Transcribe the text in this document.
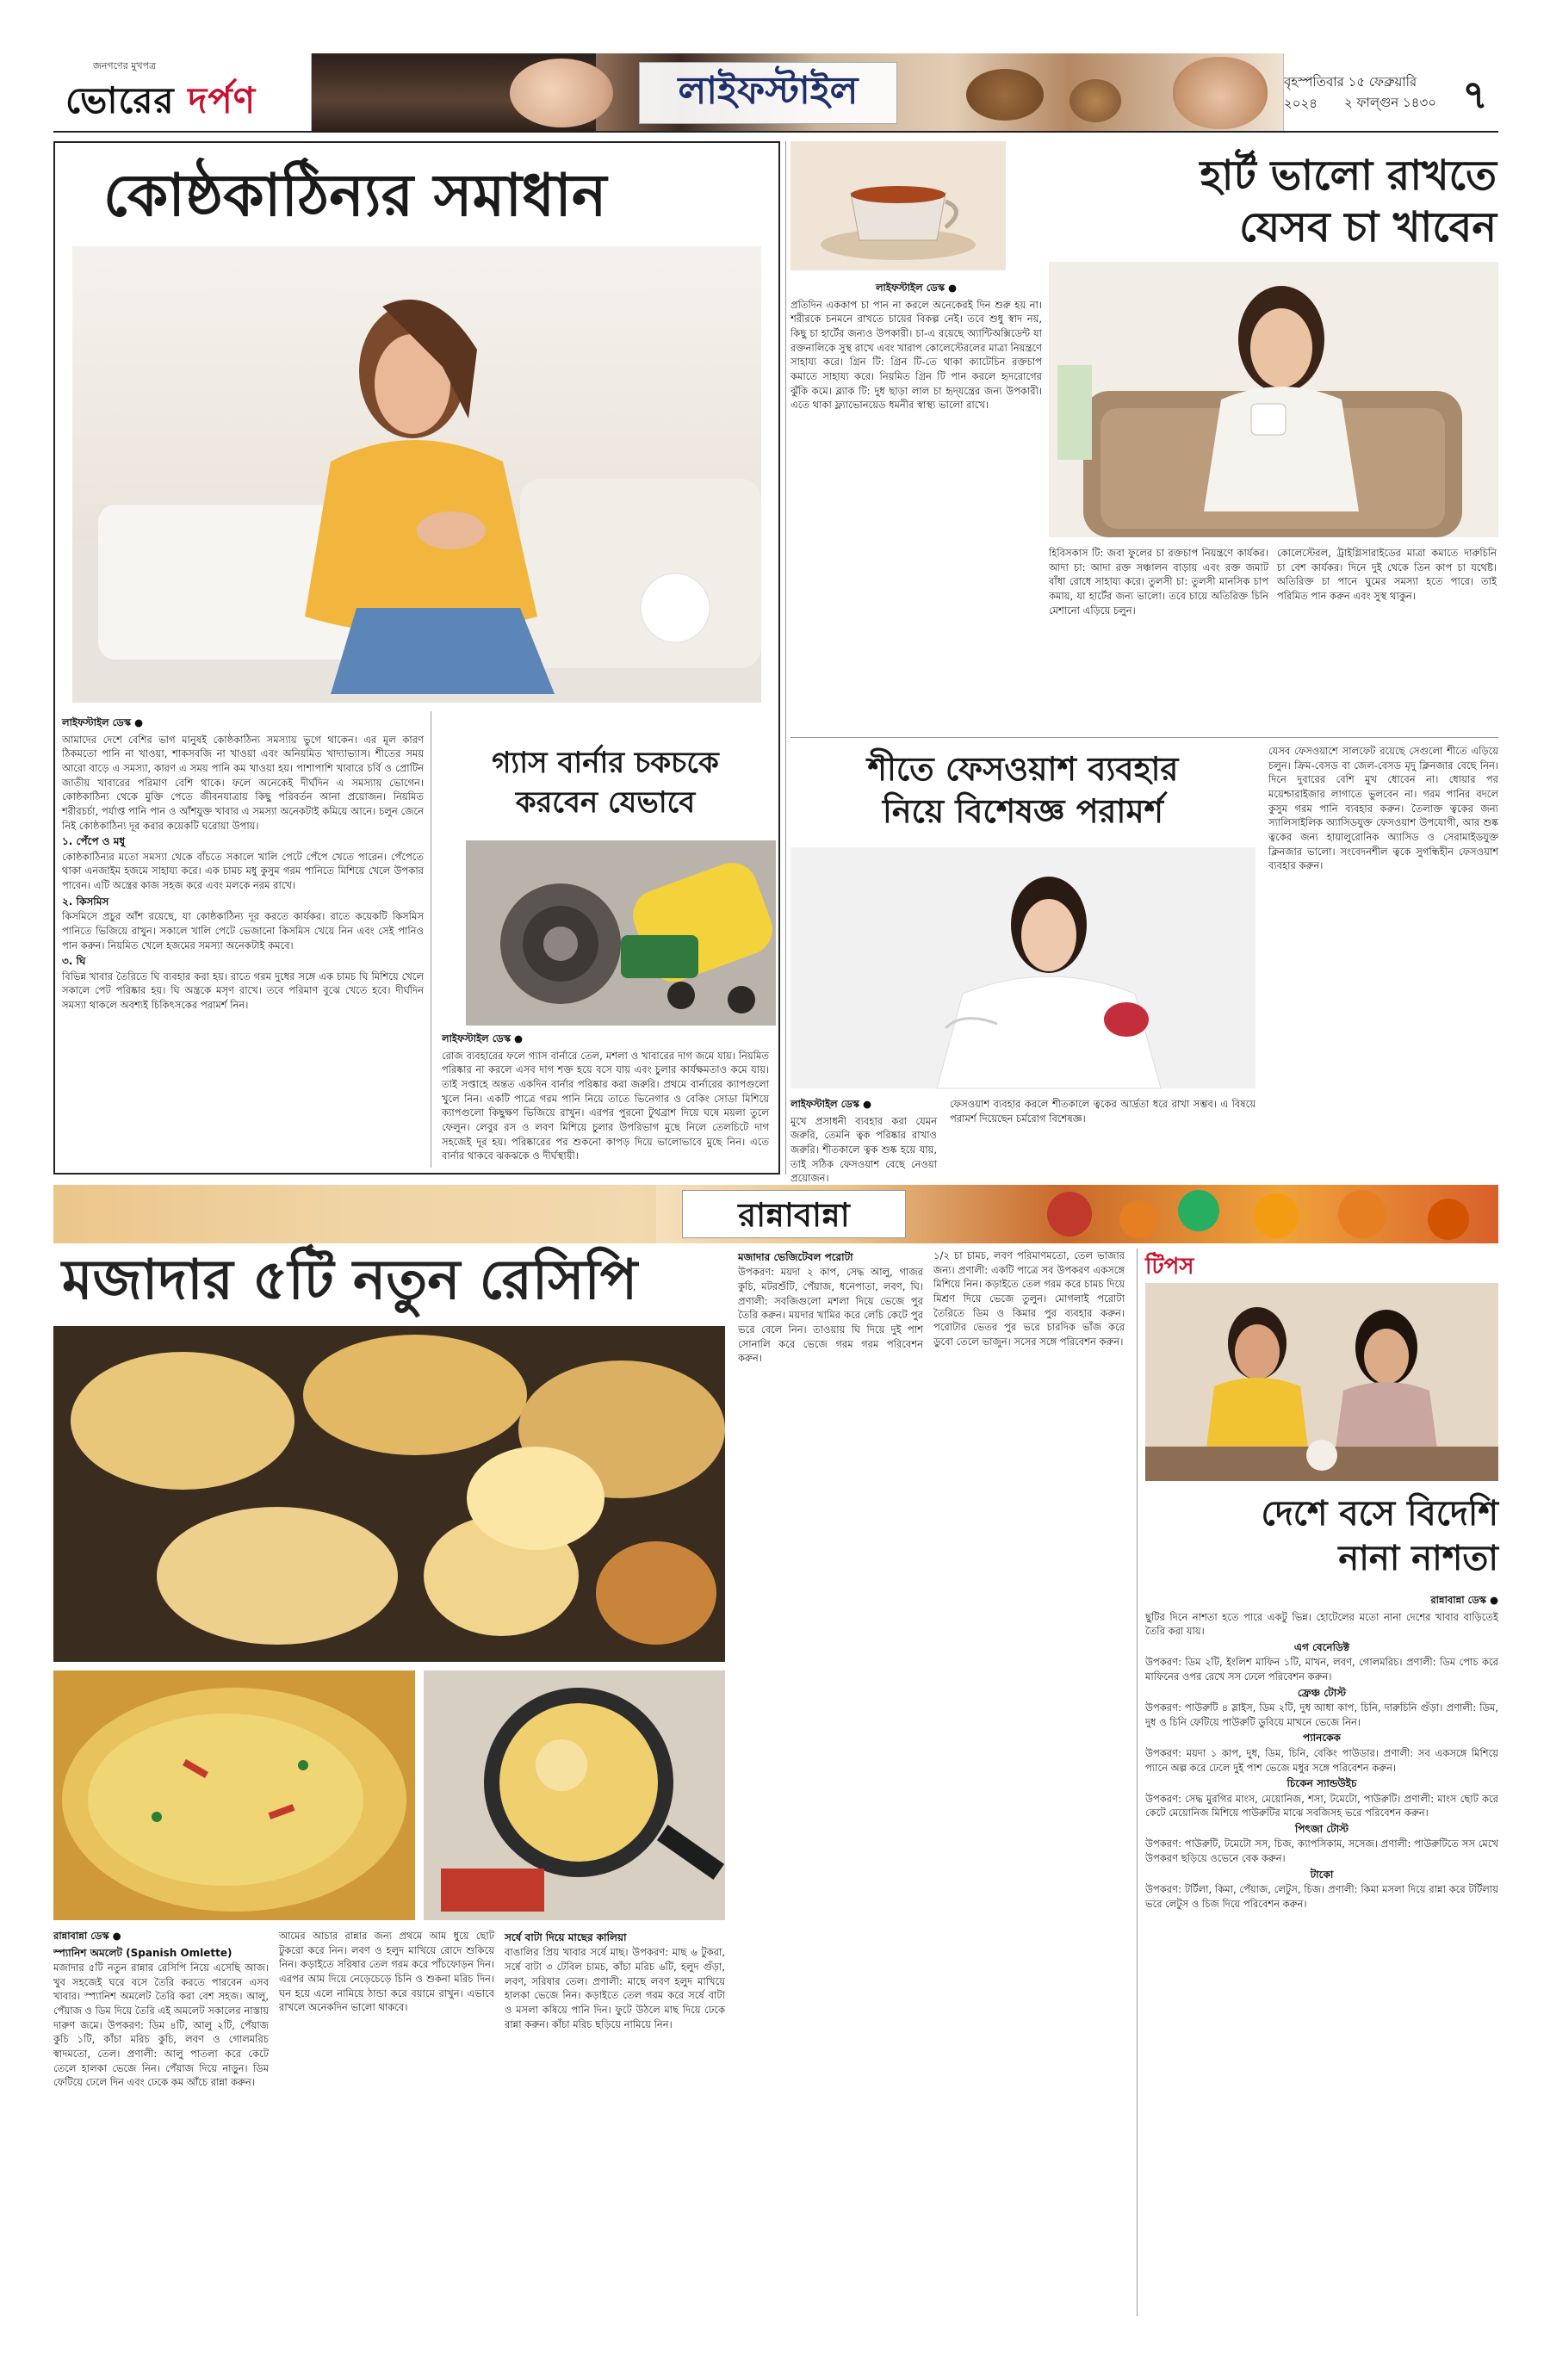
জনগণের মুখপত্র
ভোরের দর্পণ	লাইফস্টাইল	বৃহস্পতিবার ১৫ ফেব্রুয়ারি ২০২৪	২ ফাল্গুন ১৪৩০ ৭
কোষ্ঠকাঠিন্যর সমাধান
লাইফস্টাইল ডেস্ক ●

আমাদের দেশে বেশির ভাগ মানুষই কোষ্ঠকাঠিন্য সমস্যায় ভুগে থাকেন। এর মূল কারণ ঠিকমতো পানি না খাওয়া, শাকসবজি না খাওয়া এবং অনিয়মিত খাদ্যাভ্যাস। শীতের সময় আরো বাড়ে এ সমস্যা, কারণ এ সময় পানি কম খাওয়া হয়। পাশাপাশি খাবারে চর্বি ও প্রোটিন জাতীয় খাবারের পরিমাণ বেশি থাকে। ফলে অনেকেই দীর্ঘদিন এ সমস্যায় ভোগেন। কোষ্ঠকাঠিন্য থেকে মুক্তি পেতে জীবনযাত্রায় কিছু পরিবর্তন আনা প্রয়োজন। নিয়মিত শরীরচর্চা, পর্যাপ্ত পানি পান ও আঁশযুক্ত খাবার এ সমস্যা অনেকটাই কমিয়ে আনে। চলুন জেনে নিই কোষ্ঠকাঠিন্য দূর করার কয়েকটি ঘরোয়া উপায়।

১. পেঁপে ও মধু

কোষ্ঠকাঠিন্যর মতো সমস্যা থেকে বাঁচতে সকালে খালি পেটে পেঁপে খেতে পারেন। পেঁপেতে থাকা এনজাইম হজমে সাহায্য করে। এক চামচ মধু কুসুম গরম পানিতে মিশিয়ে খেলে উপকার পাবেন। এটি অন্ত্রের কাজ সহজ করে এবং মলকে নরম রাখে।

২. কিসমিস

কিসমিসে প্রচুর আঁশ রয়েছে, যা কোষ্ঠকাঠিন্য দূর করতে কার্যকর। রাতে কয়েকটি কিসমিস পানিতে ভিজিয়ে রাখুন। সকালে খালি পেটে ভেজানো কিসমিস খেয়ে নিন এবং সেই পানিও পান করুন। নিয়মিত খেলে হজমের সমস্যা অনেকটাই কমবে।

৩. ঘি

বিভিন্ন খাবার তৈরিতে ঘি ব্যবহার করা হয়। রাতে গরম দুধের সঙ্গে এক চামচ ঘি মিশিয়ে খেলে সকালে পেট পরিষ্কার হয়। ঘি অন্ত্রকে মসৃণ রাখে। তবে পরিমাণ বুঝে খেতে হবে। দীর্ঘদিন সমস্যা থাকলে অবশ্যই চিকিৎসকের পরামর্শ নিন।

গ্যাস বার্নার চকচকে
করবেন যেভাবে
লাইফস্টাইল ডেস্ক ●

রোজ ব্যবহারের ফলে গ্যাস বার্নারে তেল, মশলা ও খাবারের দাগ জমে যায়। নিয়মিত পরিষ্কার না করলে এসব দাগ শক্ত হয়ে বসে যায় এবং চুলার কার্যক্ষমতাও কমে যায়। তাই সপ্তাহে অন্তত একদিন বার্নার পরিষ্কার করা জরুরি। প্রথমে বার্নারের ক্যাপগুলো খুলে নিন। একটি পাত্রে গরম পানি নিয়ে তাতে ভিনেগার ও বেকিং সোডা মিশিয়ে ক্যাপগুলো কিছুক্ষণ ভিজিয়ে রাখুন। এরপর পুরনো টুথব্রাশ দিয়ে ঘষে ময়লা তুলে ফেলুন। লেবুর রস ও লবণ মিশিয়ে চুলার উপরিভাগ মুছে নিলে তেলচিটে দাগ সহজেই দূর হয়। পরিষ্কারের পর শুকনো কাপড় দিয়ে ভালোভাবে মুছে নিন। এতে বার্নার থাকবে ঝকঝকে ও দীর্ঘস্থায়ী।

হার্ট ভালো রাখতে
যেসব চা খাবেন
লাইফস্টাইল ডেস্ক ●

প্রতিদিন এককাপ চা পান না করলে অনেকেরই দিন শুরু হয় না। শরীরকে চনমনে রাখতে চায়ের বিকল্প নেই। তবে শুধু স্বাদ নয়, কিছু চা হার্টের জন্যও উপকারী। চা-এ রয়েছে অ্যান্টিঅক্সিডেন্ট যা রক্তনালিকে সুস্থ রাখে এবং খারাপ কোলেস্টেরলের মাত্রা নিয়ন্ত্রণে সাহায্য করে। গ্রিন টি: গ্রিন টি-তে থাকা ক্যাটেচিন রক্তচাপ কমাতে সাহায্য করে। নিয়মিত গ্রিন টি পান করলে হৃদরোগের ঝুঁকি কমে। ব্ল্যাক টি: দুধ ছাড়া লাল চা হৃদ্‌যন্ত্রের জন্য উপকারী। এতে থাকা ফ্ল্যাভোনয়েড ধমনীর স্বাস্থ্য ভালো রাখে।

হিবিসকাস টি: জবা ফুলের চা রক্তচাপ নিয়ন্ত্রণে কার্যকর। আদা চা: আদা রক্ত সঞ্চালন বাড়ায় এবং রক্ত জমাট বাঁধা রোধে সাহায্য করে। তুলসী চা: তুলসী মানসিক চাপ কমায়, যা হার্টের জন্য ভালো। তবে চায়ে অতিরিক্ত চিনি মেশানো এড়িয়ে চলুন।
কোলেস্টেরল, ট্রাইগ্লিসারাইডের মাত্রা কমাতে দারুচিনি চা বেশ কার্যকর। দিনে দুই থেকে তিন কাপ চা যথেষ্ট। অতিরিক্ত চা পানে ঘুমের সমস্যা হতে পারে। তাই পরিমিত পান করুন এবং সুস্থ থাকুন।
শীতে ফেসওয়াশ ব্যবহার
নিয়ে বিশেষজ্ঞ পরামর্শ
লাইফস্টাইল ডেস্ক ●

মুখে প্রসাধনী ব্যবহার করা যেমন জরুরি, তেমনি ত্বক পরিষ্কার রাখাও জরুরি। শীতকালে ত্বক শুষ্ক হয়ে যায়, তাই সঠিক ফেসওয়াশ বেছে নেওয়া প্রয়োজন।

ফেসওয়াশ ব্যবহার করলে শীতকালে ত্বকের আর্দ্রতা ধরে রাখা সম্ভব। এ বিষয়ে পরামর্শ দিয়েছেন চর্মরোগ বিশেষজ্ঞ।
যেসব ফেসওয়াশে সালফেট রয়েছে সেগুলো শীতে এড়িয়ে চলুন। ক্রিম-বেসড বা জেল-বেসড মৃদু ক্লিনজার বেছে নিন। দিনে দুবারের বেশি মুখ ধোবেন না। ধোয়ার পর ময়েশ্চারাইজার লাগাতে ভুলবেন না। গরম পানির বদলে কুসুম গরম পানি ব্যবহার করুন। তৈলাক্ত ত্বকের জন্য স্যালিসাইলিক অ্যাসিডযুক্ত ফেসওয়াশ উপযোগী, আর শুষ্ক ত্বকের জন্য হায়ালুরোনিক অ্যাসিড ও সেরামাইডযুক্ত ক্লিনজার ভালো। সংবেদনশীল ত্বকে সুগন্ধিহীন ফেসওয়াশ ব্যবহার করুন।
রান্নাবান্না
মজাদার ৫টি নতুন রেসিপি
রান্নাবান্না ডেস্ক ●

স্প্যানিশ অমলেট (Spanish Omlette)

মজাদার ৫টি নতুন রান্নার রেসিপি নিয়ে এসেছি আজ। খুব সহজেই ঘরে বসে তৈরি করতে পারবেন এসব খাবার। স্প্যানিশ অমলেট তৈরি করা বেশ সহজ। আলু, পেঁয়াজ ও ডিম দিয়ে তৈরি এই অমলেট সকালের নাস্তায় দারুণ জমে। উপকরণ: ডিম ৪টি, আলু ২টি, পেঁয়াজ কুচি ১টি, কাঁচা মরিচ কুচি, লবণ ও গোলমরিচ স্বাদমতো, তেল। প্রণালী: আলু পাতলা করে কেটে তেলে হালকা ভেজে নিন। পেঁয়াজ দিয়ে নাড়ুন। ডিম ফেটিয়ে ঢেলে দিন এবং ঢেকে কম আঁচে রান্না করুন।

আমের আচার রান্নার জন্য প্রথমে আম ধুয়ে ছোট টুকরো করে নিন। লবণ ও হলুদ মাখিয়ে রোদে শুকিয়ে নিন। কড়াইতে সরিষার তেল গরম করে পাঁচফোড়ন দিন। এরপর আম দিয়ে নেড়েচেড়ে চিনি ও শুকনা মরিচ দিন। ঘন হয়ে এলে নামিয়ে ঠান্ডা করে বয়ামে রাখুন। এভাবে রাখলে অনেকদিন ভালো থাকবে।

সর্ষে বাটা দিয়ে মাছের কালিয়া

বাঙালির প্রিয় খাবার সর্ষে মাছ। উপকরণ: মাছ ৬ টুকরা, সর্ষে বাটা ৩ টেবিল চামচ, কাঁচা মরিচ ৬টি, হলুদ গুঁড়া, লবণ, সরিষার তেল। প্রণালী: মাছে লবণ হলুদ মাখিয়ে হালকা ভেজে নিন। কড়াইতে তেল গরম করে সর্ষে বাটা ও মসলা কষিয়ে পানি দিন। ফুটে উঠলে মাছ দিয়ে ঢেকে রান্না করুন। কাঁচা মরিচ ছড়িয়ে নামিয়ে নিন।

মজাদার ভেজিটেবল পরোটা

উপকরণ: ময়দা ২ কাপ, সেদ্ধ আলু, গাজর কুচি, মটরশুঁটি, পেঁয়াজ, ধনেপাতা, লবণ, ঘি। প্রণালী: সবজিগুলো মশলা দিয়ে ভেজে পুর তৈরি করুন। ময়দার খামির করে লেচি কেটে পুর ভরে বেলে নিন। তাওয়ায় ঘি দিয়ে দুই পাশ সোনালি করে ভেজে গরম গরম পরিবেশন করুন।

১/২ চা চামচ, লবণ পরিমাণমতো, তেল ভাজার জন্য। প্রণালী: একটি পাত্রে সব উপকরণ একসঙ্গে মিশিয়ে নিন। কড়াইতে তেল গরম করে চামচ দিয়ে মিশ্রণ দিয়ে ভেজে তুলুন। মোগলাই পরোটা তৈরিতে ডিম ও কিমার পুর ব্যবহার করুন। পরোটার ভেতর পুর ভরে চারদিক ভাঁজ করে ডুবো তেলে ভাজুন। সসের সঙ্গে পরিবেশন করুন।
টিপস
দেশে বসে বিদেশি
নানা নাশতা
রান্নাবান্না ডেস্ক ●

ছুটির দিনে নাশতা হতে পারে একটু ভিন্ন। হোটেলের মতো নানা দেশের খাবার বাড়িতেই তৈরি করা যায়।

এগ বেনেডিক্ট

উপকরণ: ডিম ২টি, ইংলিশ মাফিন ১টি, মাখন, লবণ, গোলমরিচ। প্রণালী: ডিম পোচ করে মাফিনের ওপর রেখে সস ঢেলে পরিবেশন করুন।

ফ্রেঞ্চ টোস্ট

উপকরণ: পাউরুটি ৪ স্লাইস, ডিম ২টি, দুধ আধা কাপ, চিনি, দারুচিনি গুঁড়া। প্রণালী: ডিম, দুধ ও চিনি ফেটিয়ে পাউরুটি ডুবিয়ে মাখনে ভেজে নিন।

প্যানকেক

উপকরণ: ময়দা ১ কাপ, দুধ, ডিম, চিনি, বেকিং পাউডার। প্রণালী: সব একসঙ্গে মিশিয়ে প্যানে অল্প করে ঢেলে দুই পাশ ভেজে মধুর সঙ্গে পরিবেশন করুন।

চিকেন স্যান্ডউইচ

উপকরণ: সেদ্ধ মুরগির মাংস, মেয়োনিজ, শসা, টমেটো, পাউরুটি। প্রণালী: মাংস ছোট করে কেটে মেয়োনিজ মিশিয়ে পাউরুটির মাঝে সবজিসহ ভরে পরিবেশন করুন।

পিৎজা টোস্ট

উপকরণ: পাউরুটি, টমেটো সস, চিজ, ক্যাপসিকাম, সসেজ। প্রণালী: পাউরুটিতে সস মেখে উপকরণ ছড়িয়ে ওভেনে বেক করুন।

টাকো

উপকরণ: টর্টিলা, কিমা, পেঁয়াজ, লেটুস, চিজ। প্রণালী: কিমা মসলা দিয়ে রান্না করে টর্টিলায় ভরে লেটুস ও চিজ দিয়ে পরিবেশন করুন।
